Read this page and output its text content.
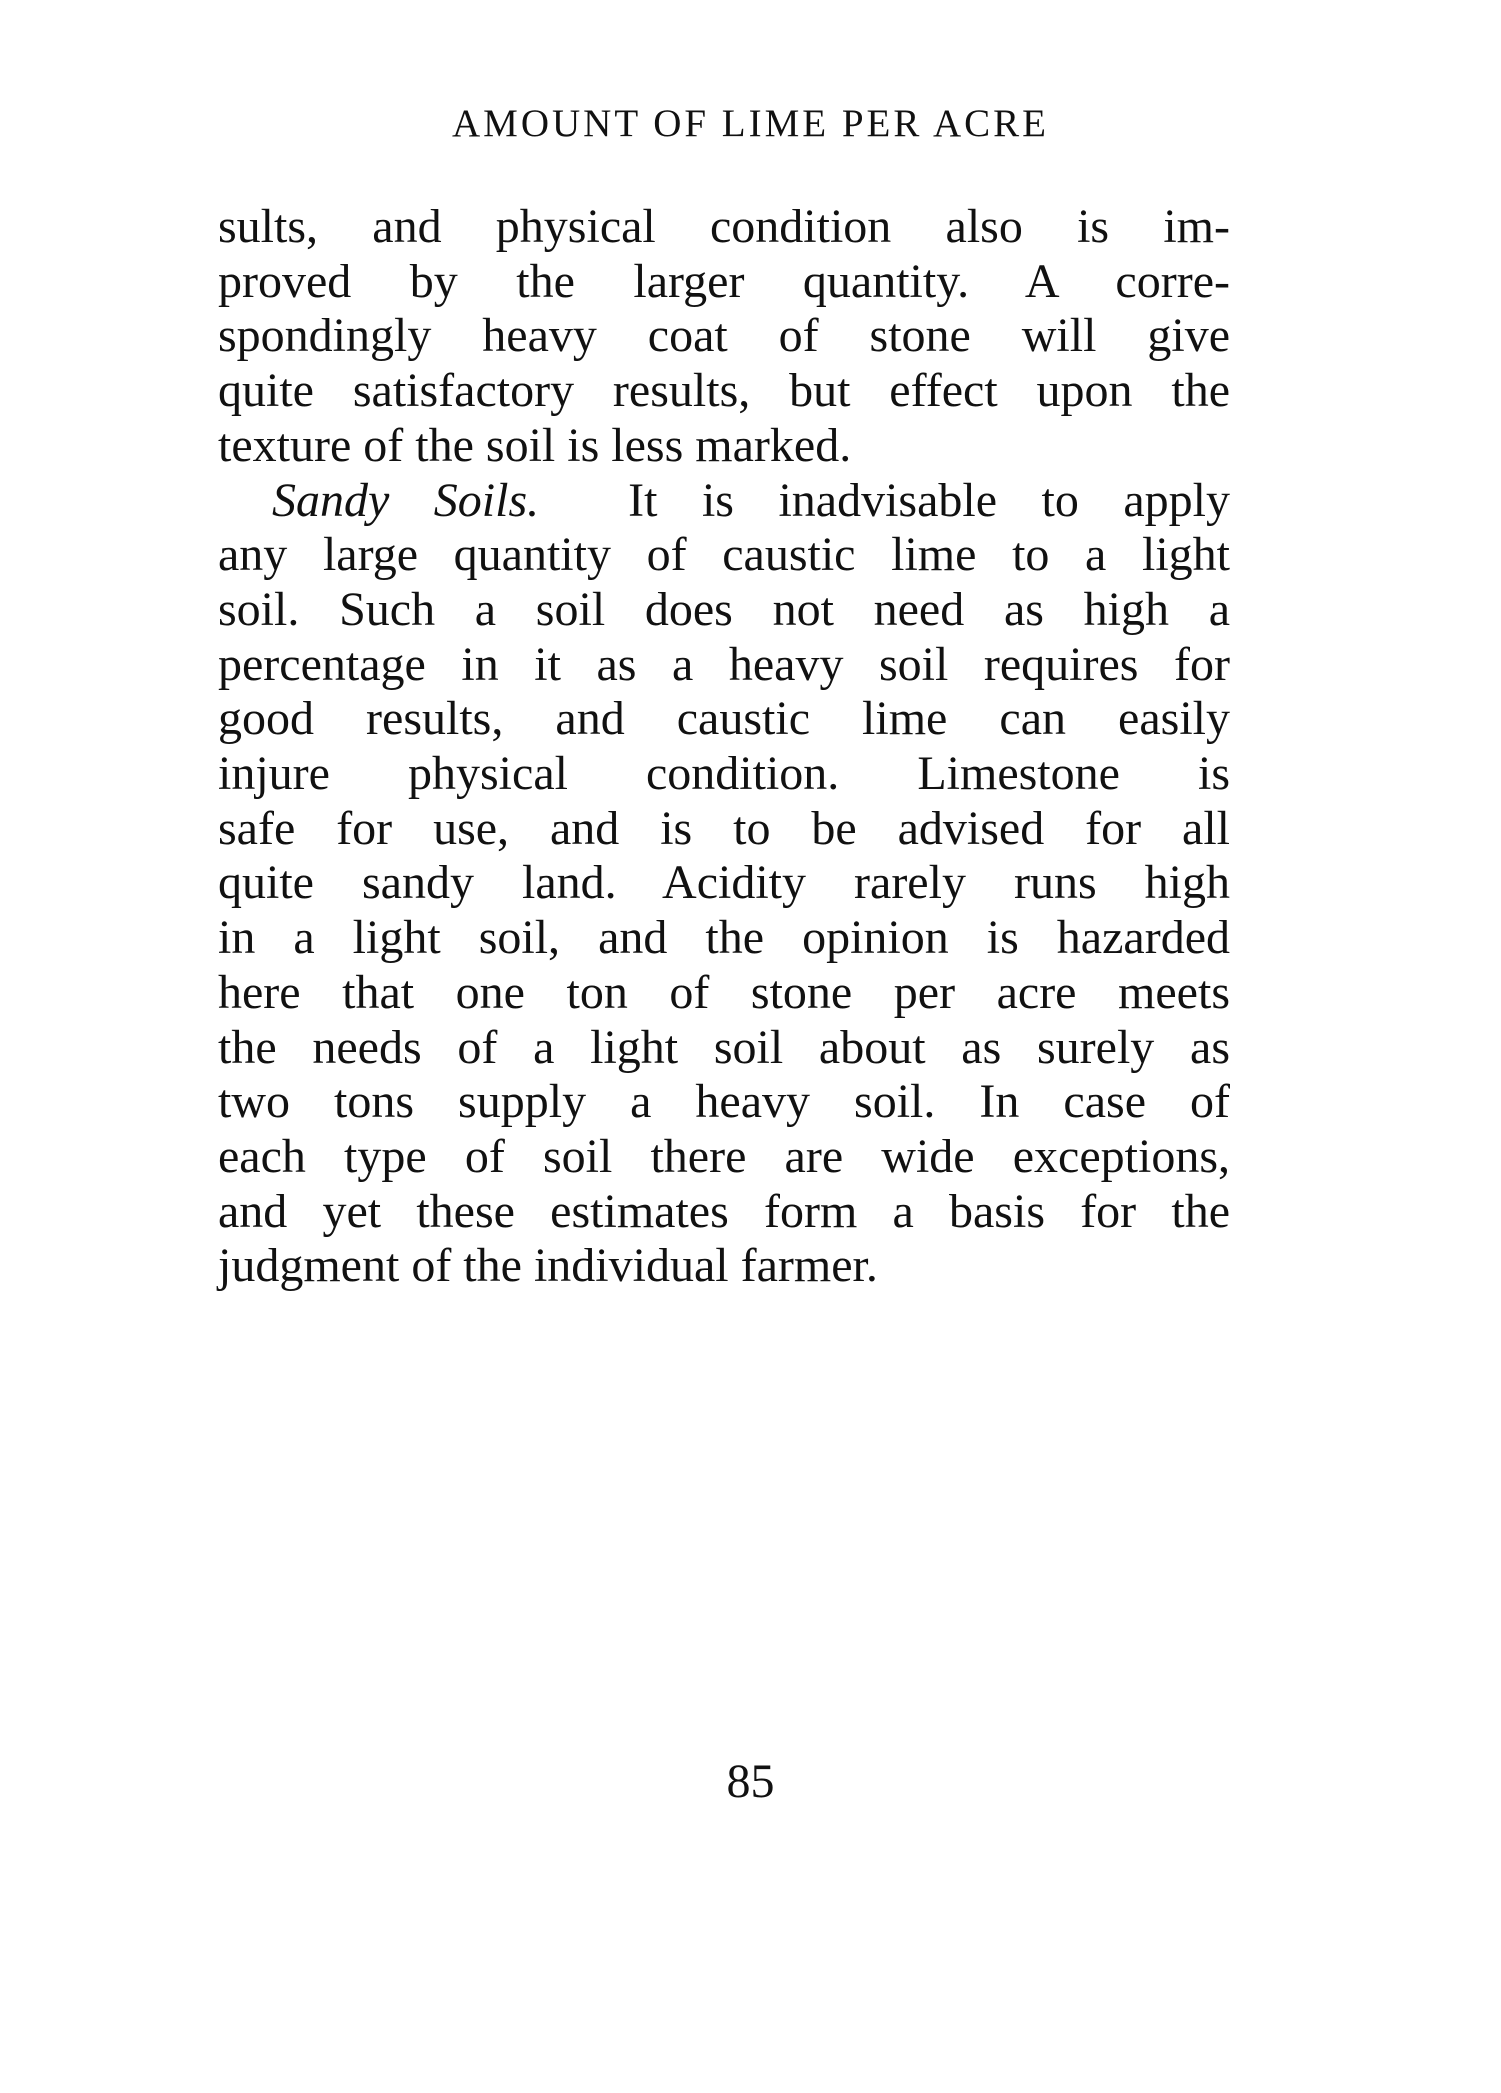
AMOUNT OF LIME PER ACRE
sults, and physical condition also is im-
proved by the larger quantity. A corre-
spondingly heavy coat of stone will give
quite satisfactory results, but effect upon the
texture of the soil is less marked.
Sandy Soils. It is inadvisable to apply
any large quantity of caustic lime to a light
soil. Such a soil does not need as high a
percentage in it as a heavy soil requires for
good results, and caustic lime can easily
injure physical condition. Limestone is
safe for use, and is to be advised for all
quite sandy land. Acidity rarely runs high
in a light soil, and the opinion is hazarded
here that one ton of stone per acre meets
the needs of a light soil about as surely as
two tons supply a heavy soil. In case of
each type of soil there are wide exceptions,
and yet these estimates form a basis for the
judgment of the individual farmer.
85
